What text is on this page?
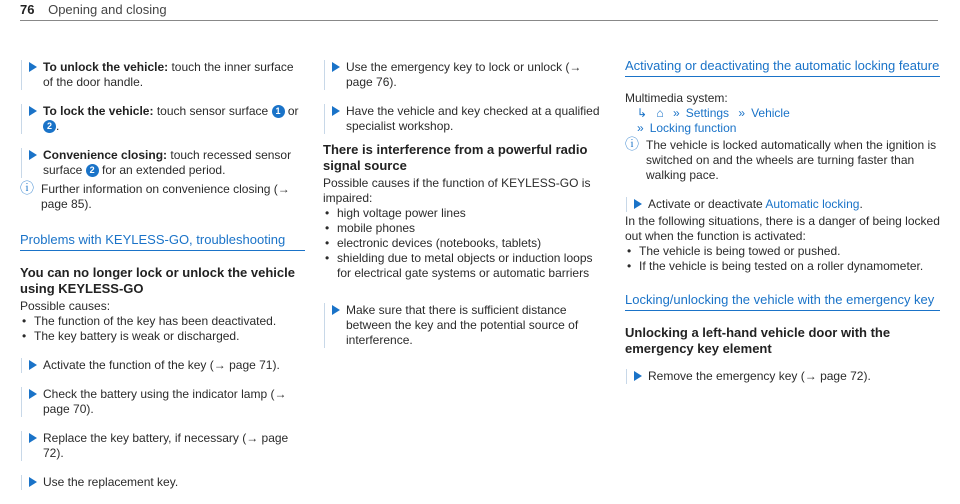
76 Opening and closing
To unlock the vehicle: touch the inner surface of the door handle.
To lock the vehicle: touch sensor surface 1 or 2 .
Convenience closing: touch recessed sensor surface 2 for an extended period.
ⓘ Further information on convenience closing (→ page 85).
Problems with KEYLESS-GO, troubleshooting
You can no longer lock or unlock the vehicle using KEYLESS-GO
Possible causes:
• The function of the key has been deactivated.
• The key battery is weak or discharged.
Activate the function of the key (→ page 71).
Check the battery using the indicator lamp (→ page 70).
Replace the key battery, if necessary (→ page 72).
Use the replacement key.
Use the emergency key to lock or unlock (→ page 76).
Have the vehicle and key checked at a qualified specialist workshop.
There is interference from a powerful radio signal source
Possible causes if the function of KEYLESS-GO is impaired:
• high voltage power lines
• mobile phones
• electronic devices (notebooks, tablets)
• shielding due to metal objects or induction loops for electrical gate systems or automatic barriers
Make sure that there is sufficient distance between the key and the potential source of interference.
Activating or deactivating the automatic locking feature
Multimedia system:
↳ ⌂ » Settings » Vehicle
» Locking function
ⓘ The vehicle is locked automatically when the ignition is switched on and the wheels are turning faster than walking pace.
Activate or deactivate Automatic locking.
In the following situations, there is a danger of being locked out when the function is activated:
• The vehicle is being towed or pushed.
• If the vehicle is being tested on a roller dynamometer.
Locking/unlocking the vehicle with the emergency key
Unlocking a left-hand vehicle door with the emergency key element
Remove the emergency key (→ page 72).
